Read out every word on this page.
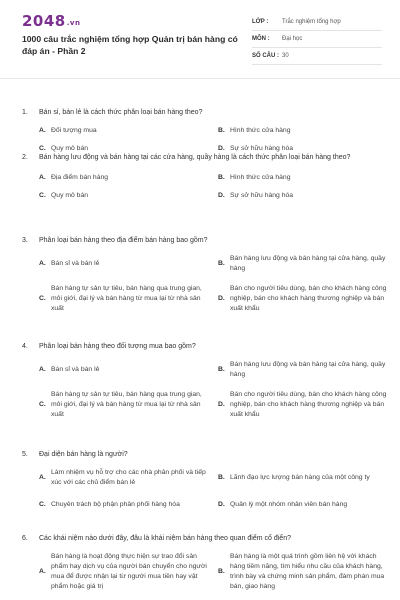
2048.vn
1000 câu trắc nghiệm tổng hợp Quản trị bán hàng có đáp án - Phần 2
LỚP :	Trắc nghiệm tổng hợp
MÔN :	Đại học
SỐ CÂU : 30
1.	Bán sỉ, bán lẻ là cách thức phân loại bán hàng theo?
A. Đối tượng mua	B. Hình thức cửa hàng
C. Quy mô bán	D. Sự sở hữu hàng hóa
2.	Bán hàng lưu động và bán hàng tại các cửa hàng, quầy hàng là cách thức phân loại bán hàng theo?
A. Địa điểm bán hàng	B. Hình thức cửa hàng
C. Quy mô bán	D. Sự sở hữu hàng hóa
3.	Phân loại bán hàng theo địa điểm bán hàng bao gồm?
A. Bán sỉ và bán lẻ	B.
Bán hàng lưu động và bán hàng tại cửa hàng, quầy hàng
C.
Bán hàng tự sản tự tiêu, bán hàng qua trung gian, môi giới, đại lý và bán hàng từ mua lại từ nhà sản xuất
D.
Bán cho người tiêu dùng, bán cho khách hàng công nghiệp, bán cho khách hàng thương nghiệp và bán xuất khẩu
4.	Phân loại bán hàng theo đối tượng mua bao gồm?
A. Bán sỉ và bán lẻ	B.
Bán hàng lưu động và bán hàng tại cửa hàng, quầy hàng
C.
Bán hàng tự sản tự tiêu, bán hàng qua trung gian, môi giới, đại lý và bán hàng từ mua lại từ nhà sản xuất
D.
Bán cho người tiêu dùng, bán cho khách hàng công nghiệp, bán cho khách hàng thương nghiệp và bán xuất khẩu
5.	Đại diện bán hàng là người?
A.
Làm nhiệm vụ hỗ trợ cho các nhà phân phối và tiếp xúc với các chủ điểm bán lẻ
B. Lãnh đạo lực lượng bán hàng của một công ty
C. Chuyên trách bộ phận phân phối hàng hóa	D. Quản lý một nhóm nhân viên bán hàng
6.	Các khái niệm nào dưới đây, đâu là khái niệm bán hàng theo quan điểm cổ điển?
A.
Bán hàng là hoạt động thực hiện sự trao đổi sản phẩm hay dịch vụ của người bán chuyển cho người mua để được nhận lại từ người mua tiền hay vật phẩm hoặc giá trị
B.
Bán hàng là một quá trình gồm liên hệ với khách hàng tiềm năng, tìm hiểu nhu cầu của khách hàng, trình bày và chứng minh sản phẩm, đàm phán mua bán, giao hàng
